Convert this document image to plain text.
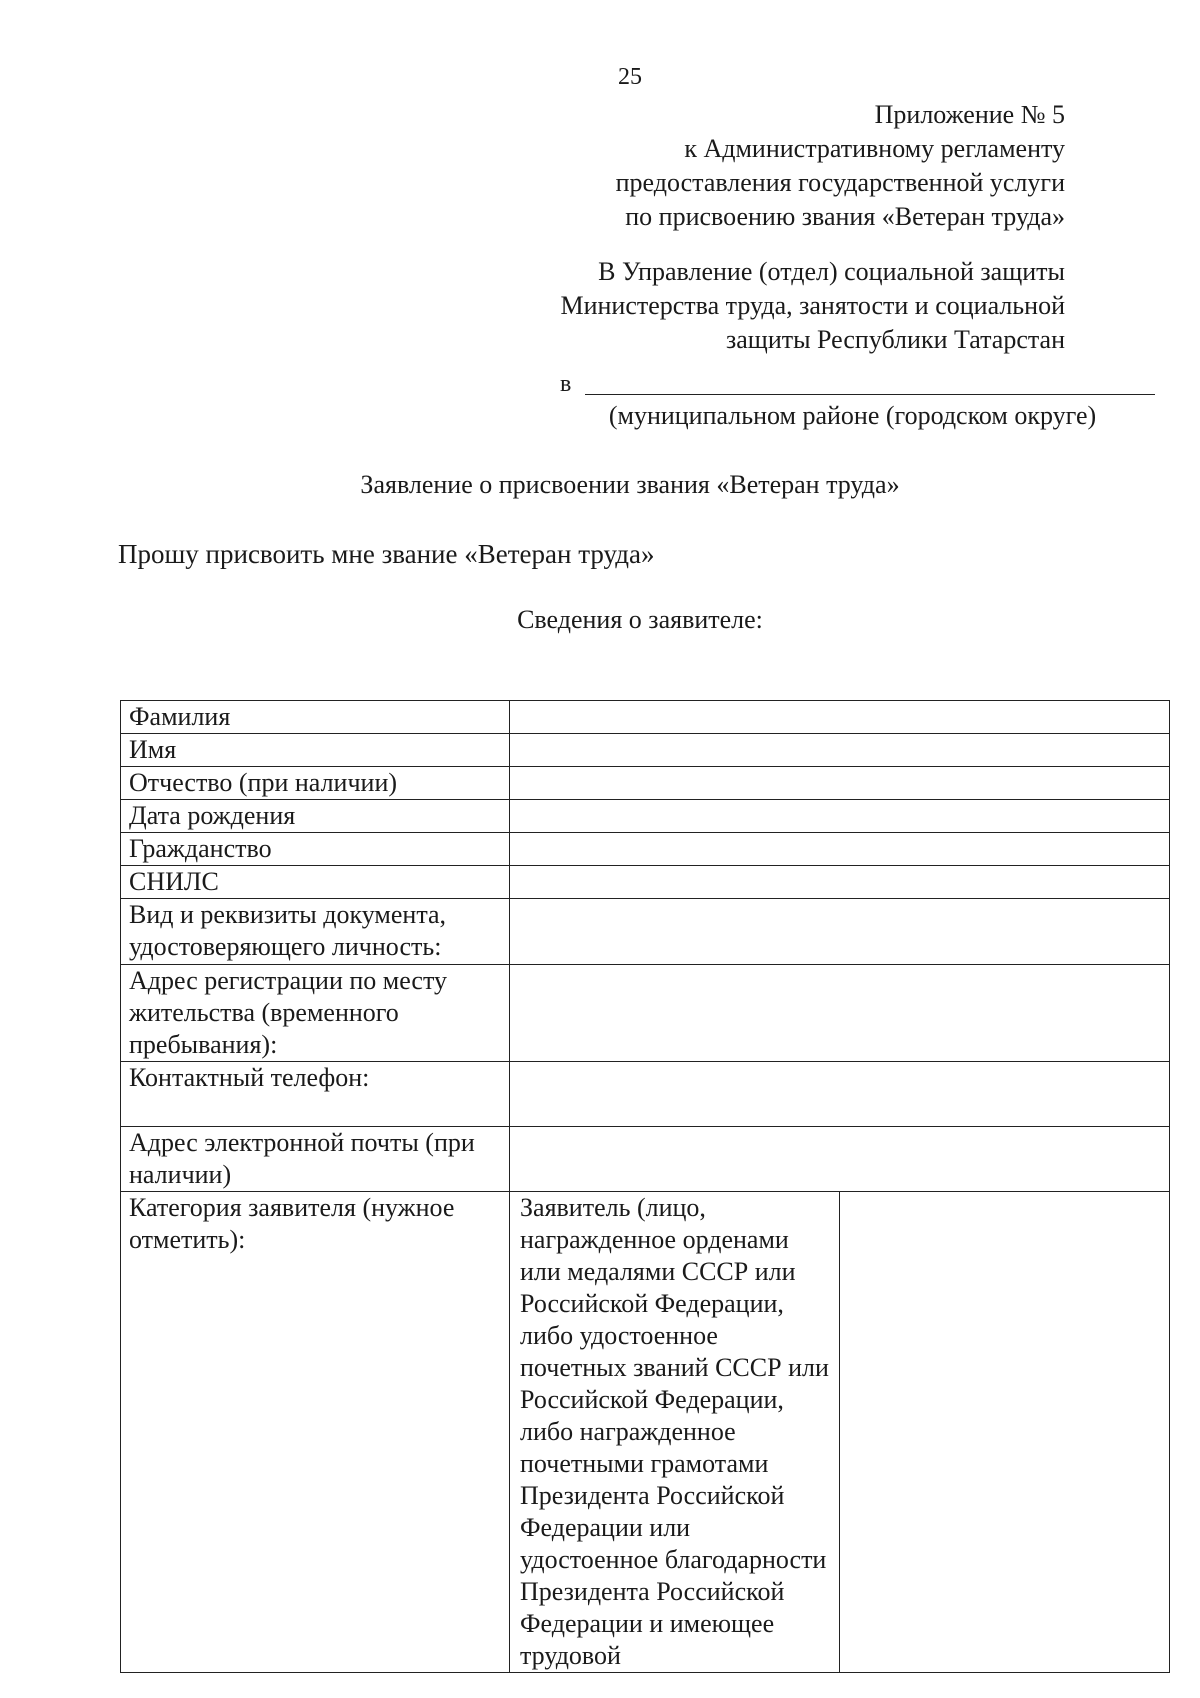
25
Приложение № 5
к Административному регламенту
предоставления государственной услуги
по присвоению звания «Ветеран труда»
В Управление (отдел) социальной защиты
Министерства труда, занятости и социальной
защиты Республики Татарстан
в
(муниципальном районе (городском округе)
Заявление о присвоении звания «Ветеран труда»
Прошу присвоить мне звание «Ветеран труда»
Сведения о заявителе:
Фамилия		
Имя		
Отчество (при наличии)		
Дата рождения		
Гражданство		
СНИЛС		
Вид и реквизиты документа, удостоверяющего личность:		
Адрес регистрации по месту жительства (временного пребывания):		
Контактный телефон:		
Адрес электронной почты (при наличии)		
Категория заявителя (нужное отметить):	Заявитель (лицо, награжденное орденами или медалями СССР или Российской Федерации, либо удостоенное почетных званий СССР или Российской Федерации, либо награжденное почетными грамотами Президента Российской Федерации или удостоенное благодарности Президента Российской Федерации и имеющее трудовой	
